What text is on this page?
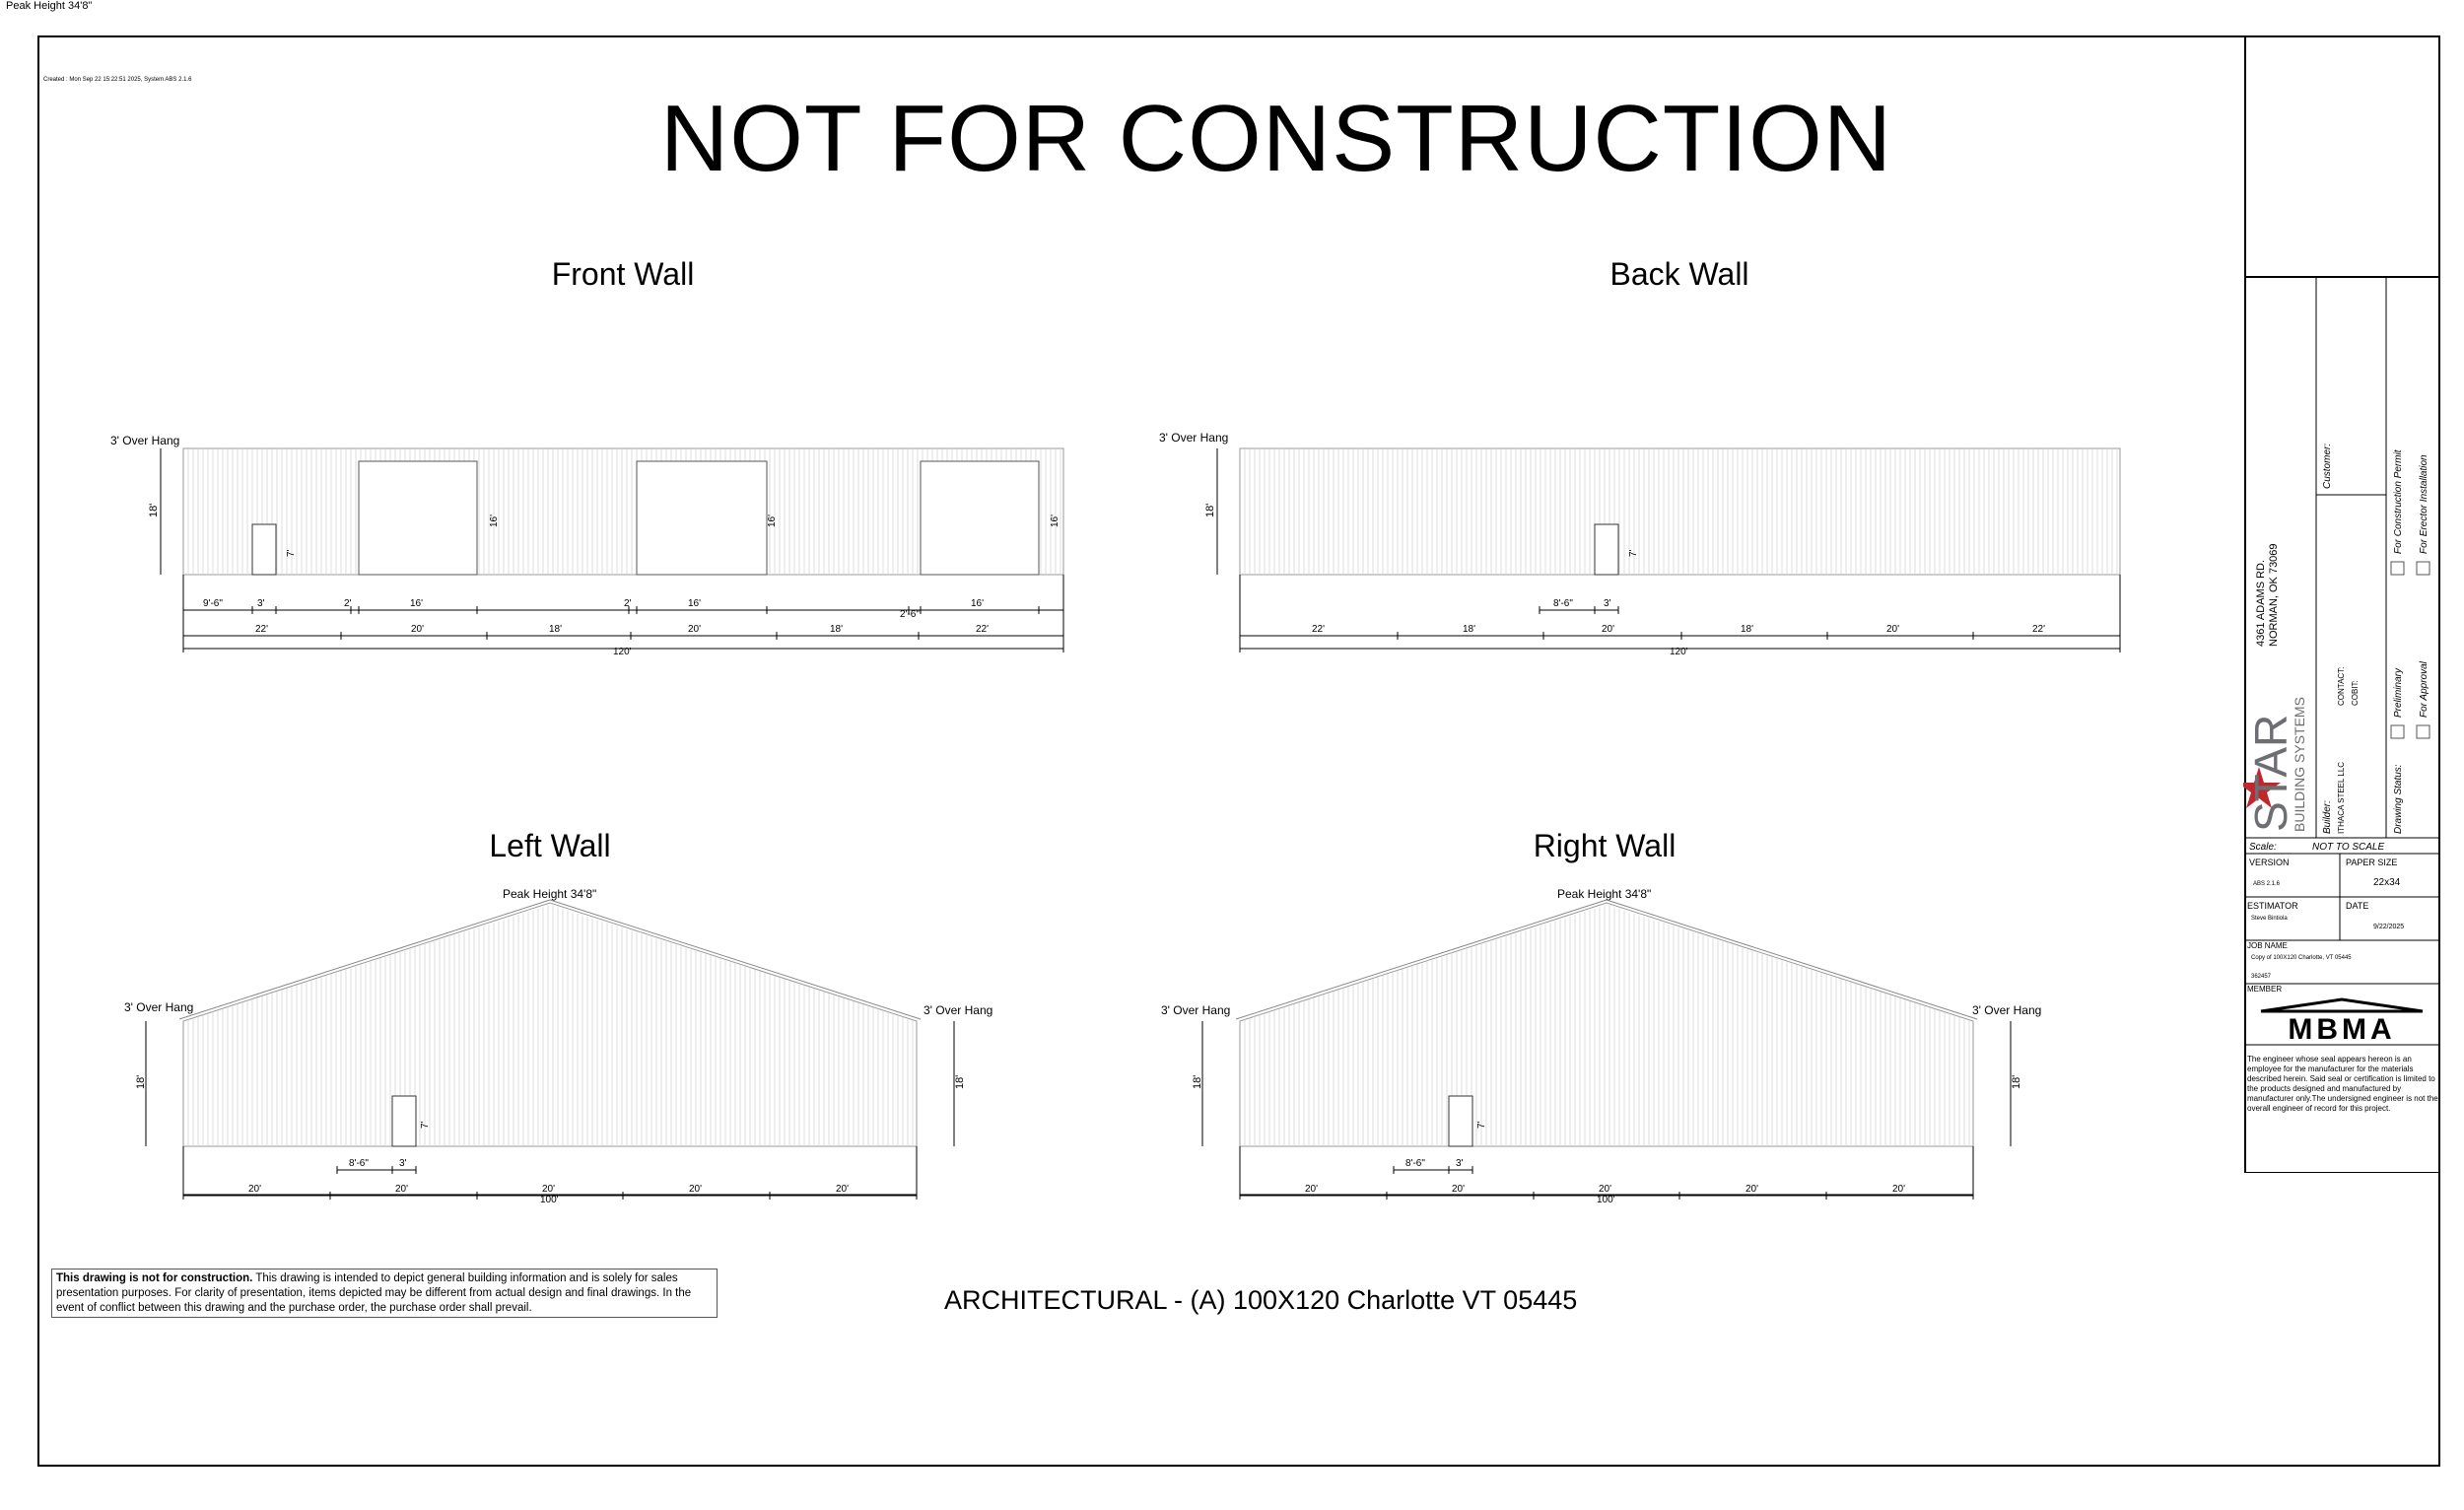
Peak Height 34'8"
Created : Mon Sep 22 15:22:51 2025, System ABS 2.1.6
NOT FOR CONSTRUCTION
Front Wall	Back Wall
Left Wall	Right Wall
3' Over Hang
18'
7'
16'	16'	16'
9'-6"	3'	2'	16'	2'	16'
2'-6"
16'
22'	20'	18'	20'	18'	22'
120'
3' Over Hang
18'
7'
8'-6"	3'
22'	18'	20'	18'	20'	22'
120'
Peak Height 34'8"
3' Over Hang	3' Over Hang
18'	18'
7'
8'-6"	3'
20'	20'	20'	20'	20'
100'
Peak Height 34'8"
3' Over Hang	3' Over Hang
18'	18'
7'
8'-6"	3'
20'	20'	20'	20'	20'
100'
This drawing is not for construction. This drawing is intended to depict general building information and is solely for sales presentation purposes. For clarity of presentation, items depicted may be different from actual design and final drawings. In the event of conflict between this drawing and the purchase order, the purchase order shall prevail.	ARCHITECTURAL - (A) 100X120 Charlotte VT 05445
4361 ADAMS RD. NORMAN, OK 73069
STAR
BUILDING SYSTEMS
Customer:
Builder: ITHACA STEEL LLC
CONTACT: COBIT:
Drawing Status:
Preliminary For Approval
For Construction Permit For Erector Installation
Scale:	NOT TO SCALE
VERSION
ABS 2.1.6
PAPER SIZE
22x34
ESTIMATOR
Steve Bintiola
DATE
9/22/2025
JOB NAME
Copy of 100X120 Charlotte, VT 05445
362457
MEMBER
MBMA
The engineer whose seal appears hereon is an employee for the manufacturer for the materials described herein. Said seal or certification is limited to the products designed and manufactured by manufacturer only.The undersigned engineer is not the overall engineer of record for this project.
